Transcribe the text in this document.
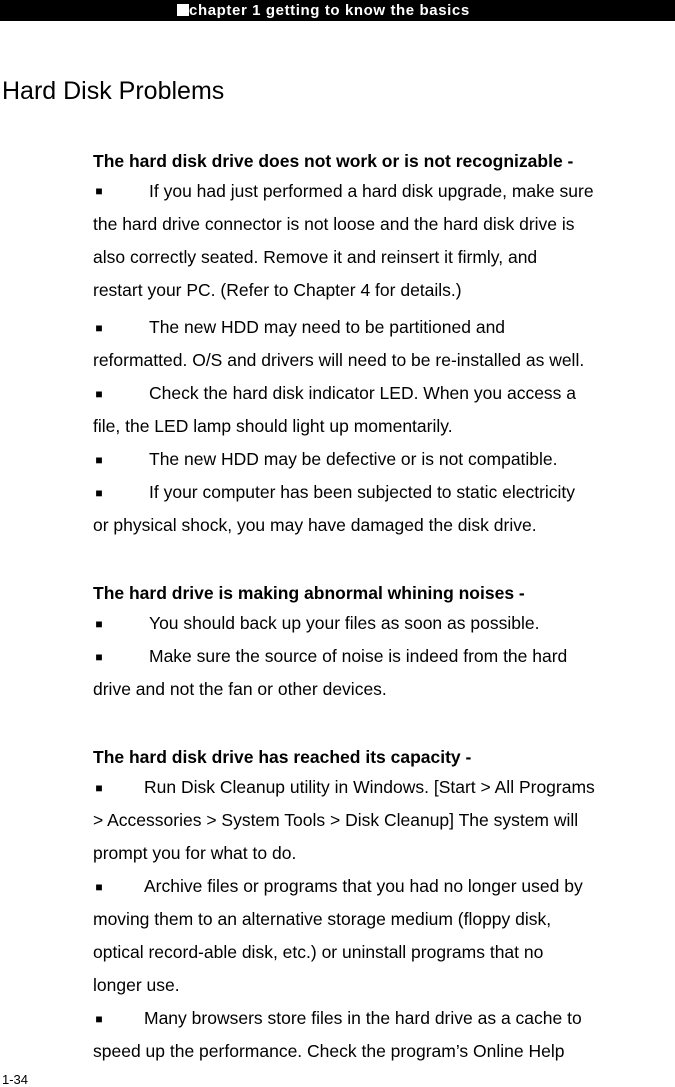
chapter 1 getting to know the basics
Hard Disk Problems
The hard disk drive does not work or is not recognizable -
■

If you had just performed a hard disk upgrade, make sure
the hard drive connector is not loose and the hard disk drive is
also correctly seated. Remove it and reinsert it firmly, and
restart your PC. (Refer to Chapter 4 for details.)

■

The new HDD may need to be partitioned and
reformatted. O/S and drivers will need to be re-installed as well.

■

Check the hard disk indicator LED. When you access a
file, the LED lamp should light up momentarily.

■

The new HDD may be defective or is not compatible.

■

If your computer has been subjected to static electricity
or physical shock, you may have damaged the disk drive.

The hard drive is making abnormal whining noises -
■

You should back up your files as soon as possible.

■

Make sure the source of noise is indeed from the hard
drive and not the fan or other devices.

The hard disk drive has reached its capacity -
■

Run Disk Cleanup utility in Windows. [Start > All Programs
> Accessories > System Tools > Disk Cleanup] The system will
prompt you for what to do.

■

Archive files or programs that you had no longer used by
moving them to an alternative storage medium (floppy disk,
optical record-able disk, etc.) or uninstall programs that no
longer use.

■

Many browsers store files in the hard drive as a cache to
speed up the performance. Check the program’s Online Help

1-34
